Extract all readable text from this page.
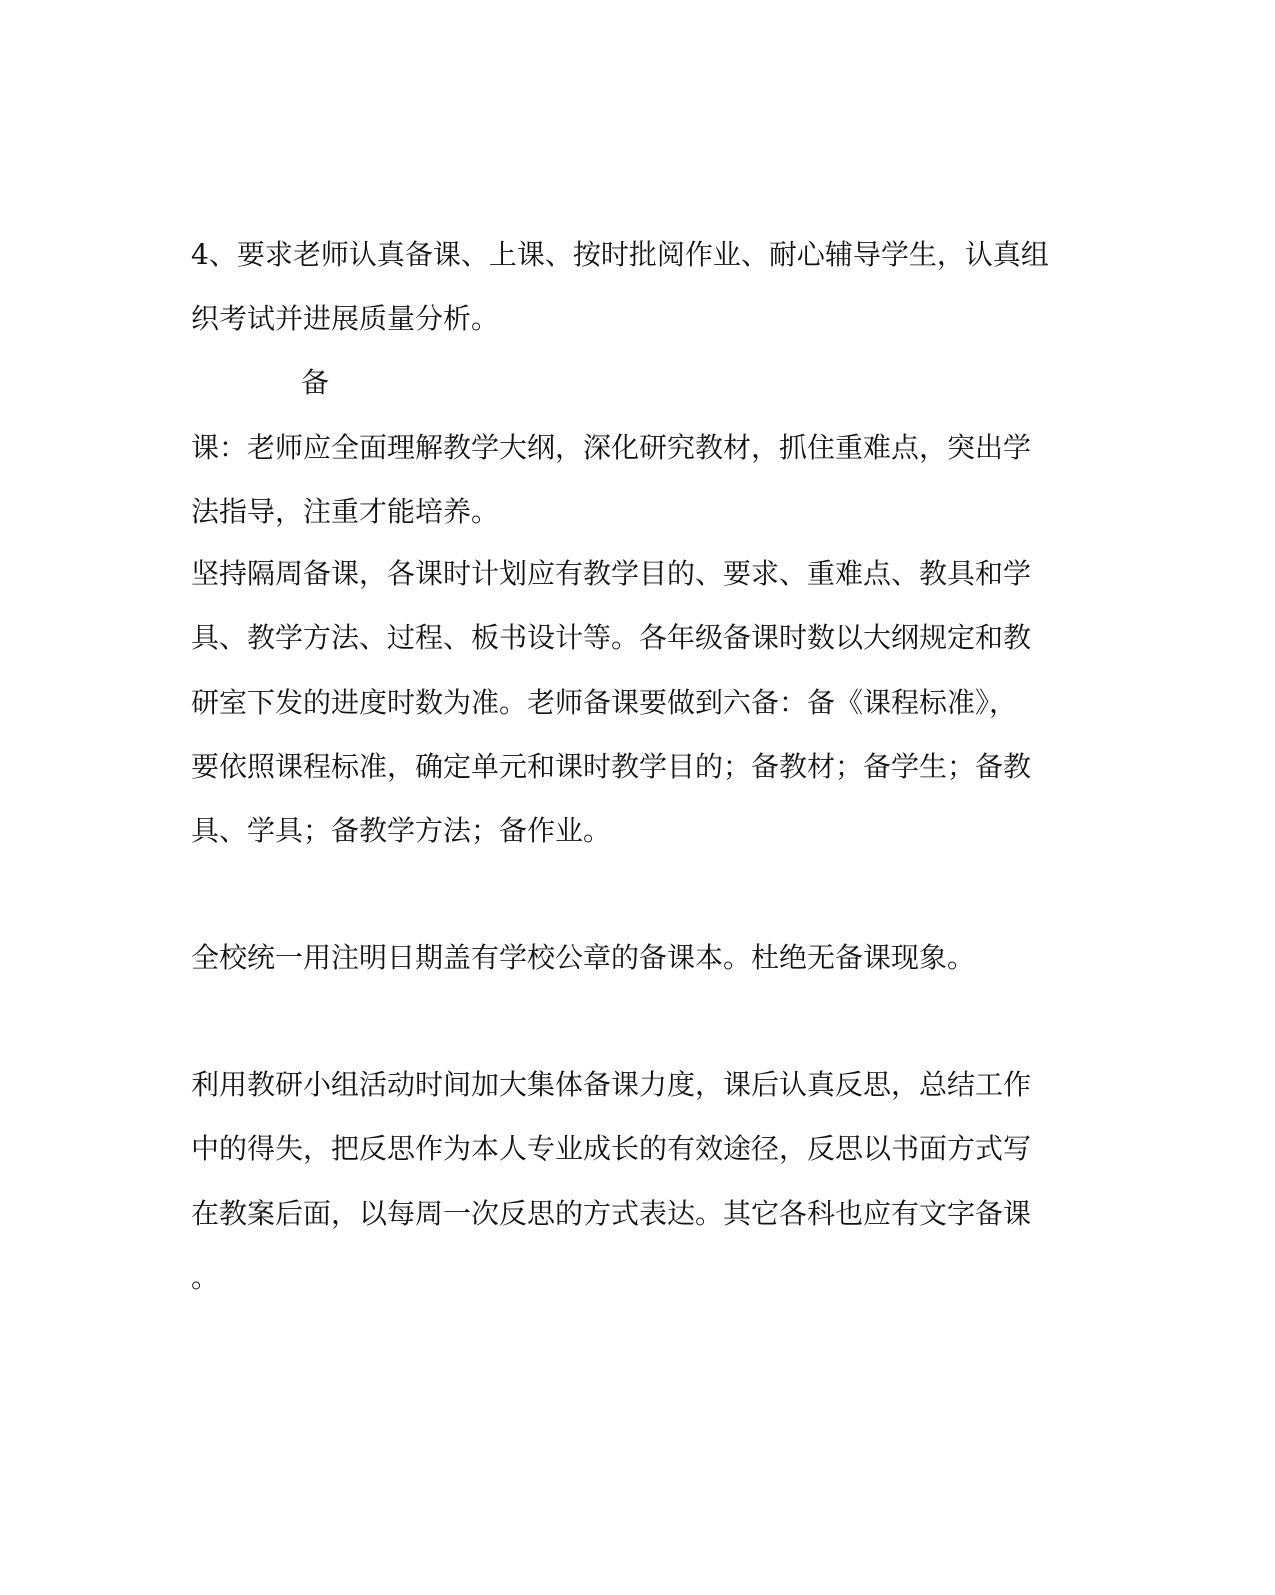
4、要求老师认真备课、上课、按时批阅作业、耐心辅导学生，认真组

织考试并进展质量分析。

备

课：老师应全面理解教学大纲，深化研究教材，抓住重难点，突出学

法指导，注重才能培养。

坚持隔周备课，各课时计划应有教学目的、要求、重难点、教具和学

具、教学方法、过程、板书设计等。各年级备课时数以大纲规定和教

研室下发的进度时数为准。老师备课要做到六备：备《课程标准》，

要依照课程标准，确定单元和课时教学目的；备教材；备学生；备教

具、学具；备教学方法；备作业。

全校统一用注明日期盖有学校公章的备课本。杜绝无备课现象。

利用教研小组活动时间加大集体备课力度，课后认真反思，总结工作

中的得失，把反思作为本人专业成长的有效途径，反思以书面方式写

在教案后面，以每周一次反思的方式表达。其它各科也应有文字备课

。
